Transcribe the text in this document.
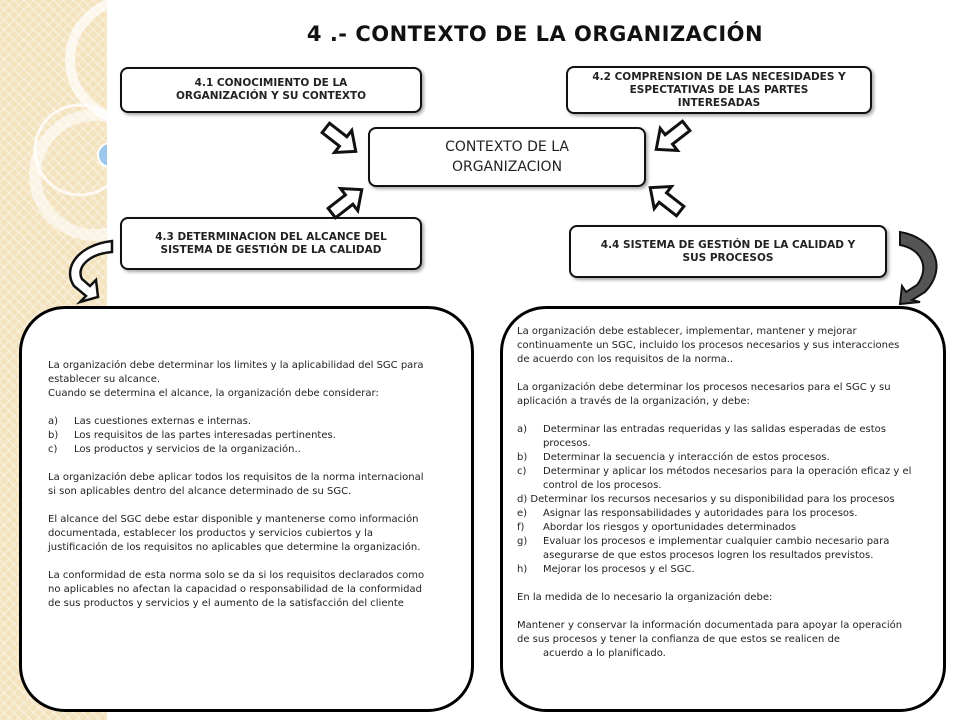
4 .- CONTEXTO DE LA ORGANIZACIÓN
4.1 CONOCIMIENTO DE LA
ORGANIZACIÓN Y SU CONTEXTO
4.2 COMPRENSION DE LAS NECESIDADES Y
ESPECTATIVAS DE LAS PARTES
INTERESADAS
CONTEXTO DE LA
ORGANIZACION
4.3 DETERMINACION DEL ALCANCE DEL
SISTEMA DE GESTIÓN DE LA CALIDAD	4.4 SISTEMA DE GESTIÓN DE LA CALIDAD Y
SUS PROCESOS

La organización debe determinar los limites y la aplicabilidad del SGC para establecer su alcance.

Cuando se determina el alcance, la organización debe considerar:

a)	Las cuestiones externas e internas.
b)	Los requisitos de las partes interesadas pertinentes.
c)	Los productos y servicios de la organización..

La organización debe aplicar todos los requisitos de la norma internacional si son aplicables dentro del alcance determinado de su SGC.

El alcance del SGC debe estar disponible y mantenerse como información documentada, establecer los productos y servicios cubiertos y la justificación de los requisitos no aplicables que determine la organización.

La conformidad de esta norma solo se da si los requisitos declarados como no aplicables no afectan la capacidad o responsabilidad de la conformidad de sus productos y servicios y el aumento de la satisfacción del cliente

La organización debe establecer, implementar, mantener y mejorar continuamente un SGC, incluido los procesos necesarios y sus interacciones de acuerdo con los requisitos de la norma..

La organización debe determinar los procesos necesarios para el SGC y su aplicación a través de la organización, y debe:

a)	Determinar las entradas requeridas y las salidas esperadas de estos procesos.
b)	Determinar la secuencia y interacción de estos procesos.
c)	Determinar y aplicar los métodos necesarios para la operación eficaz y el control de los procesos.

d) Determinar los recursos necesarios y su disponibilidad para los procesos

e)	Asignar las responsabilidades y autoridades para los procesos.
f)	Abordar los riesgos y oportunidades determinados
g)	Evaluar los procesos e implementar cualquier cambio necesario para asegurarse de que estos procesos logren los resultados previstos.
h)	Mejorar los procesos y el SGC.

En la medida de lo necesario la organización debe:

Mantener y conservar la información documentada para apoyar la operación de sus procesos y tener la confianza de que estos se realicen de

acuerdo a lo planificado.
